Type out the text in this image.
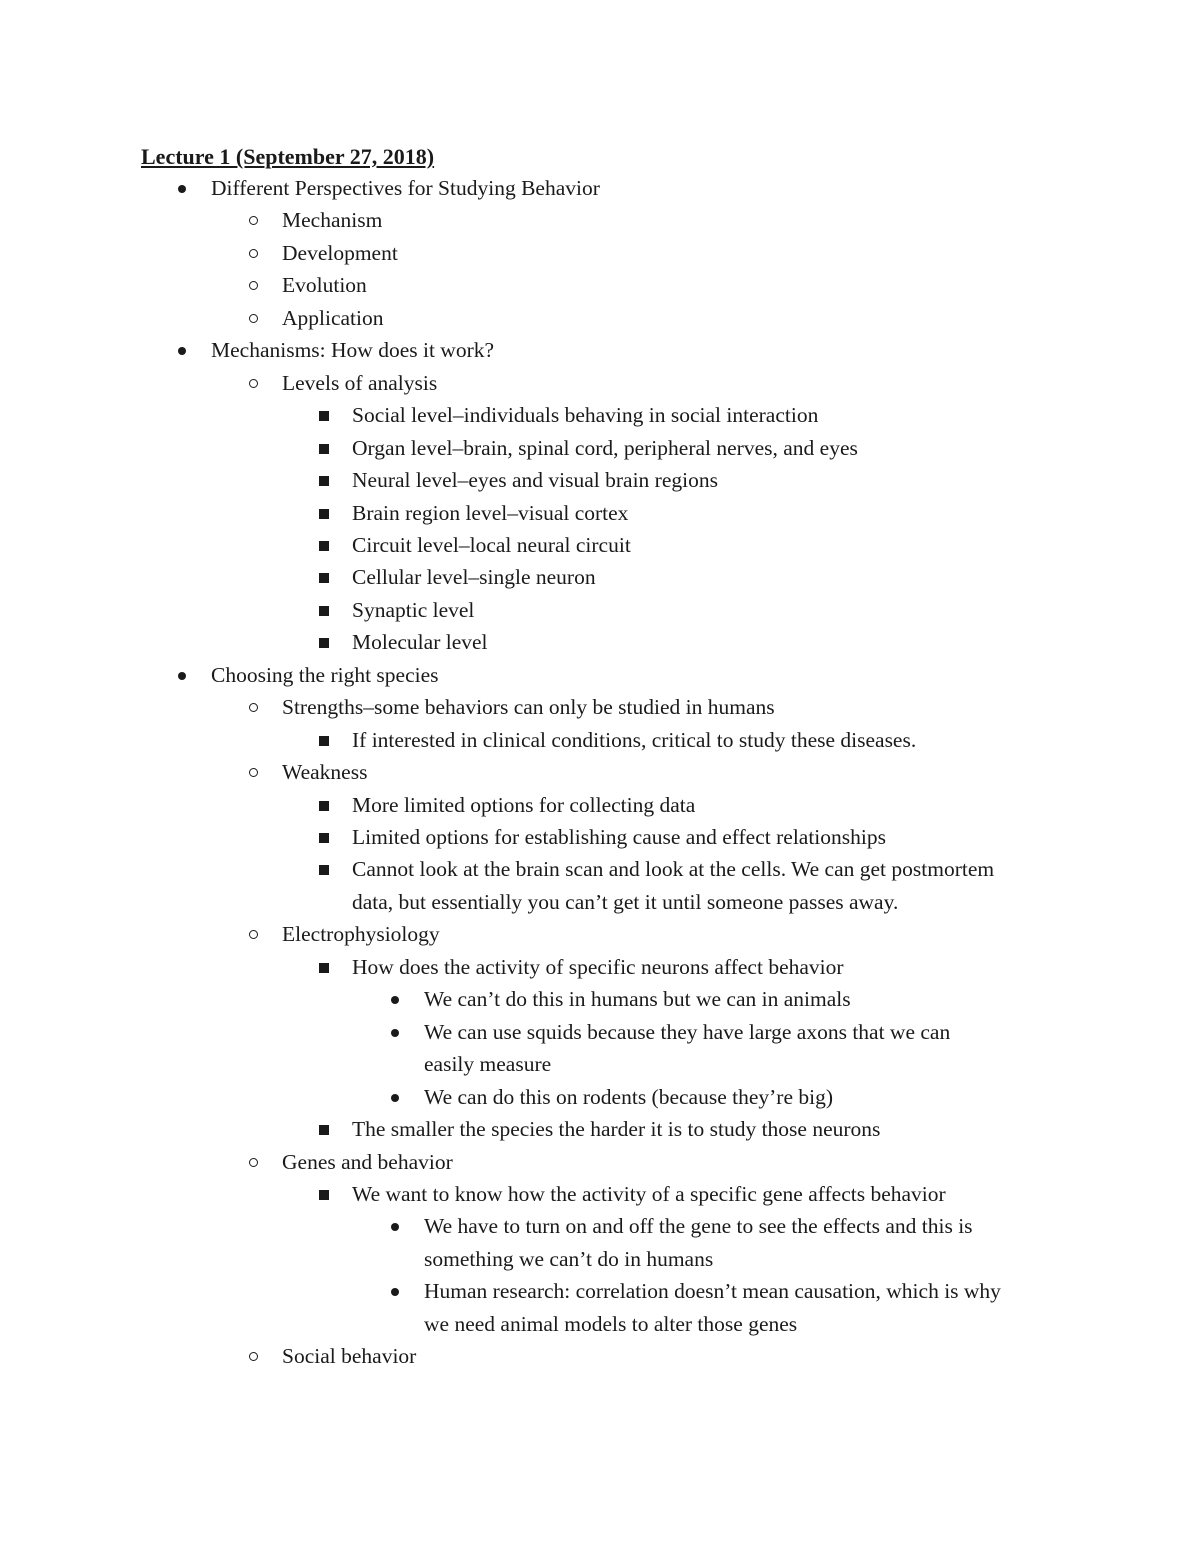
Lecture 1 (September 27, 2018)
Different Perspectives for Studying Behavior
Mechanism
Development
Evolution
Application
Mechanisms: How does it work?
Levels of analysis
Social level–individuals behaving in social interaction
Organ level–brain, spinal cord, peripheral nerves, and eyes
Neural level–eyes and visual brain regions
Brain region level–visual cortex
Circuit level–local neural circuit
Cellular level–single neuron
Synaptic level
Molecular level
Choosing the right species
Strengths–some behaviors can only be studied in humans
If interested in clinical conditions, critical to study these diseases.
Weakness
More limited options for collecting data
Limited options for establishing cause and effect relationships
Cannot look at the brain scan and look at the cells. We can get postmortem
data, but essentially you can’t get it until someone passes away.
Electrophysiology
How does the activity of specific neurons affect behavior
We can’t do this in humans but we can in animals
We can use squids because they have large axons that we can
easily measure
We can do this on rodents (because they’re big)
The smaller the species the harder it is to study those neurons
Genes and behavior
We want to know how the activity of a specific gene affects behavior
We have to turn on and off the gene to see the effects and this is
something we can’t do in humans
Human research: correlation doesn’t mean causation, which is why
we need animal models to alter those genes
Social behavior
